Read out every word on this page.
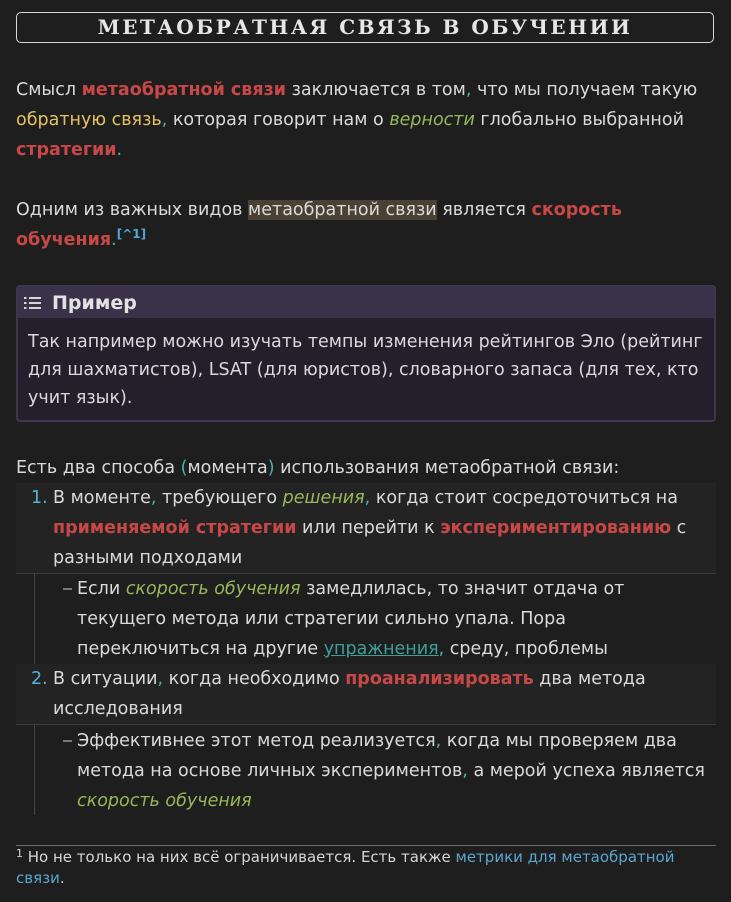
МЕТАОБРАТНАЯ СВЯЗЬ В ОБУЧЕНИИ

Смысл метаобратной связи заключается в том, что мы получаем такую обратную связь, которая говорит нам о верности глобально выбранной стратегии.

Одним из важных видов метаобратной связи является скорость обучения.[^1]

Пример
Так например можно изучать темпы изменения рейтингов Эло (рейтинг для шахматистов), LSAT (для юристов), словарного запаса (для тех, кто учит язык).

Есть два способа (момента) использования метаобратной связи:

1. В моменте, требующего решения, когда стоит сосредоточиться на применяемой стратегии или перейти к экспериментированию с разными подходами
Если скорость обучения замедлилась, то значит отдача от текущего метода или стратегии сильно упала. Пора переключиться на другие упражнения, среду, проблемы
2. В ситуации, когда необходимо проанализировать два метода исследования
Эффективнее этот метод реализуется, когда мы проверяем два метода на основе личных экспериментов, а мерой успеха является скорость обучения
$^1$ Но не только на них всё ограничивается. Есть также метрики для метаобратной связи.
